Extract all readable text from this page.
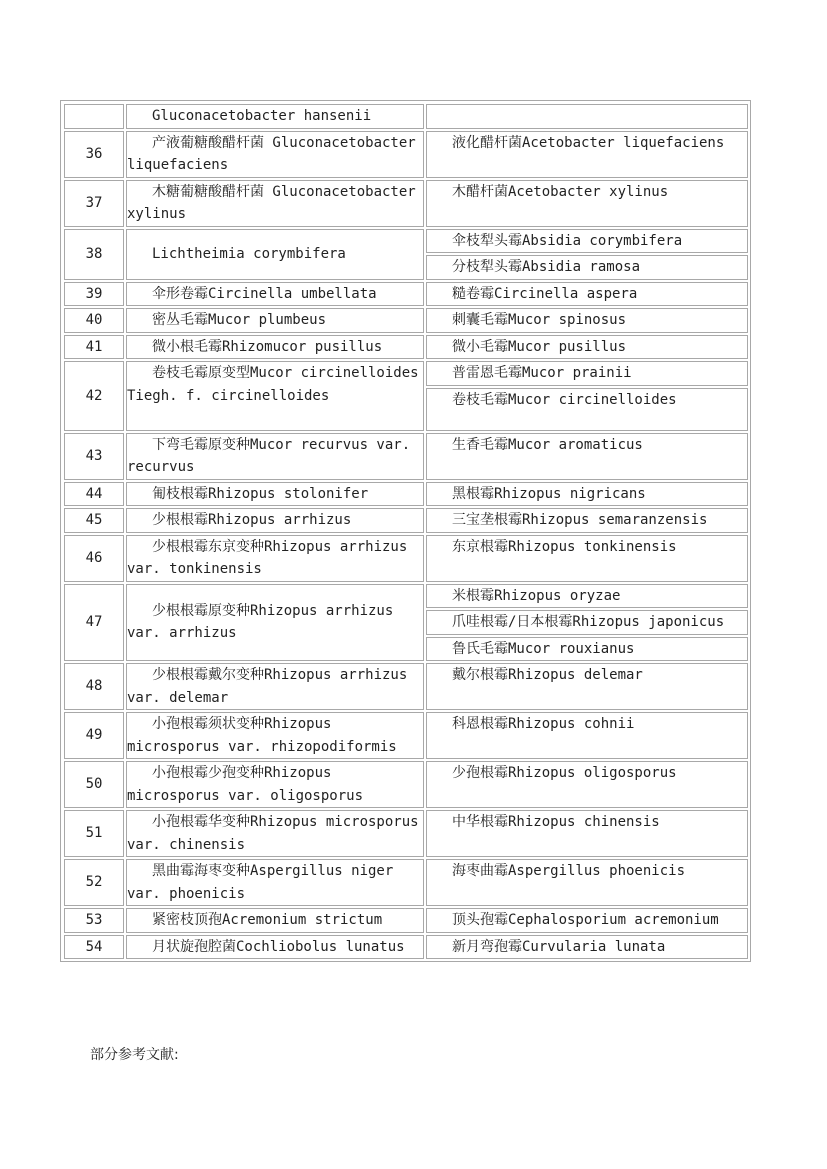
	Gluconacetobacter hansenii	
36	产液葡糖酸醋杆菌 Gluconacetobacter liquefaciens	液化醋杆菌Acetobacter liquefaciens
37	木糖葡糖酸醋杆菌 Gluconacetobacter xylinus	木醋杆菌Acetobacter xylinus
38	Lichtheimia corymbifera	伞枝犁头霉Absidia corymbifera
		分枝犁头霉Absidia ramosa
39	伞形卷霉Circinella umbellata	糙卷霉Circinella aspera
40	密丛毛霉Mucor plumbeus	刺囊毛霉Mucor spinosus
41	微小根毛霉Rhizomucor pusillus	微小毛霉Mucor pusillus
42	卷枝毛霉原变型Mucor circinelloides Tiegh. f. circinelloides	普雷恩毛霉Mucor prainii
		卷枝毛霉Mucor circinelloides
43	下弯毛霉原变种Mucor recurvus var. recurvus	生香毛霉Mucor aromaticus
44	匍枝根霉Rhizopus stolonifer	黑根霉Rhizopus nigricans
45	少根根霉Rhizopus arrhizus	三宝垄根霉Rhizopus semaranzensis
46	少根根霉东京变种Rhizopus arrhizus var. tonkinensis	东京根霉Rhizopus tonkinensis
47	少根根霉原变种Rhizopus arrhizus var. arrhizus	米根霉Rhizopus oryzae
		爪哇根霉/日本根霉Rhizopus japonicus
		鲁氏毛霉Mucor rouxianus
48	少根根霉戴尔变种Rhizopus arrhizus var. delemar	戴尔根霉Rhizopus delemar
49	小孢根霉须状变种Rhizopus microsporus var. rhizopodiformis	科恩根霉Rhizopus cohnii
50	小孢根霉少孢变种Rhizopus microsporus var. oligosporus	少孢根霉Rhizopus oligosporus
51	小孢根霉华变种Rhizopus microsporus var. chinensis	中华根霉Rhizopus chinensis
52	黑曲霉海枣变种Aspergillus niger var. phoenicis	海枣曲霉Aspergillus phoenicis
53	紧密枝顶孢Acremonium strictum	顶头孢霉Cephalosporium acremonium
54	月状旋孢腔菌Cochliobolus lunatus	新月弯孢霉Curvularia lunata
部分参考文献:
